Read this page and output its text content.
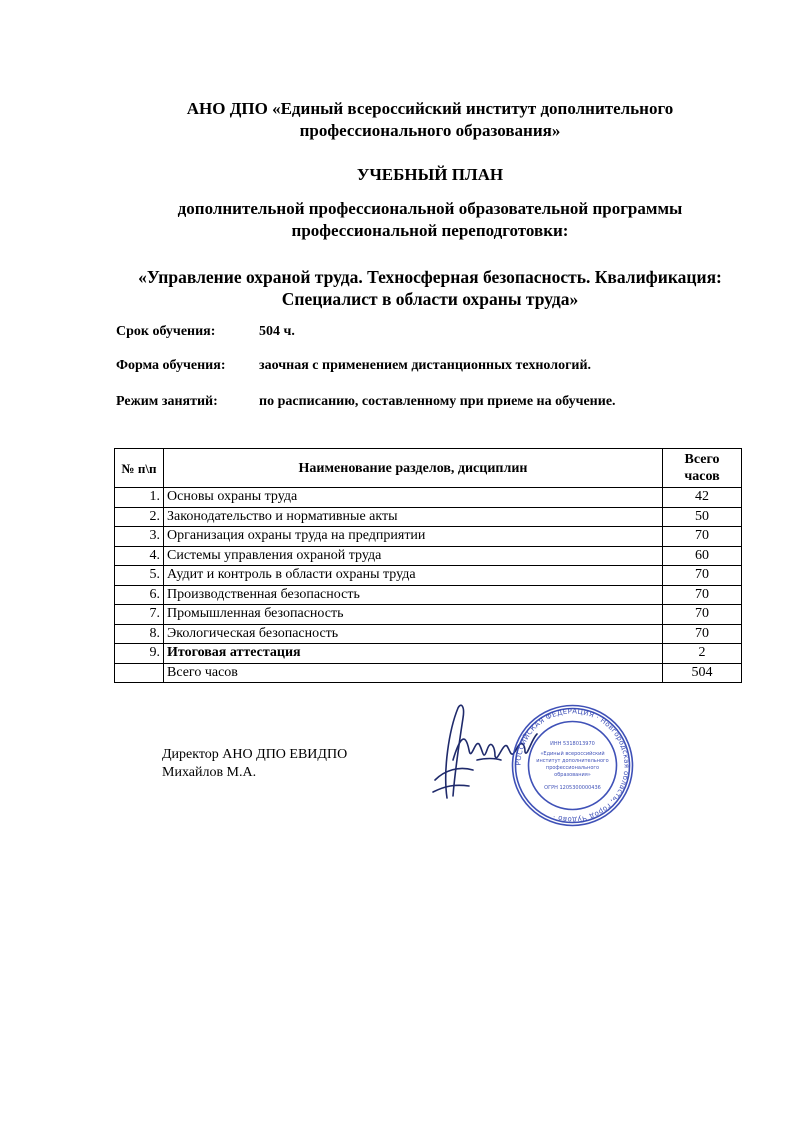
АНО ДПО «Единый всероссийский институт дополнительного
профессионального образования»
УЧЕБНЫЙ ПЛАН
дополнительной профессиональной образовательной программы
профессиональной переподготовки:
«Управление охраной труда. Техносферная безопасность. Квалификация:
Специалист в области охраны труда»
Срок обучения:	504 ч.
Форма обучения: заочная с применением дистанционных технологий.
Режим занятий:	по расписанию, составленному при приеме на обучение.
№ п\п	Наименование разделов, дисциплин	Всего
часов

1.	Основы охраны труда	42
2.	Законодательство и нормативные акты	50
3.	Организация охраны труда на предприятии	70
4.	Системы управления охраной труда	60
5.	Аудит и контроль в области охраны труда	70
6.	Производственная безопасность	70
7.	Промышленная безопасность	70
8.	Экологическая безопасность	70
9.	Итоговая аттестация	2
	Всего часов	504
Директор АНО ДПО ЕВИДПО
Михайлов М.А.
РОССИЙСКАЯ ФЕДЕРАЦИЯ · Новгородская область, город Чудово ·
ИНН 5318013970
«Единый всероссийский
институт дополнительного
профессионального
образования»
ОГРН 1205300000436
